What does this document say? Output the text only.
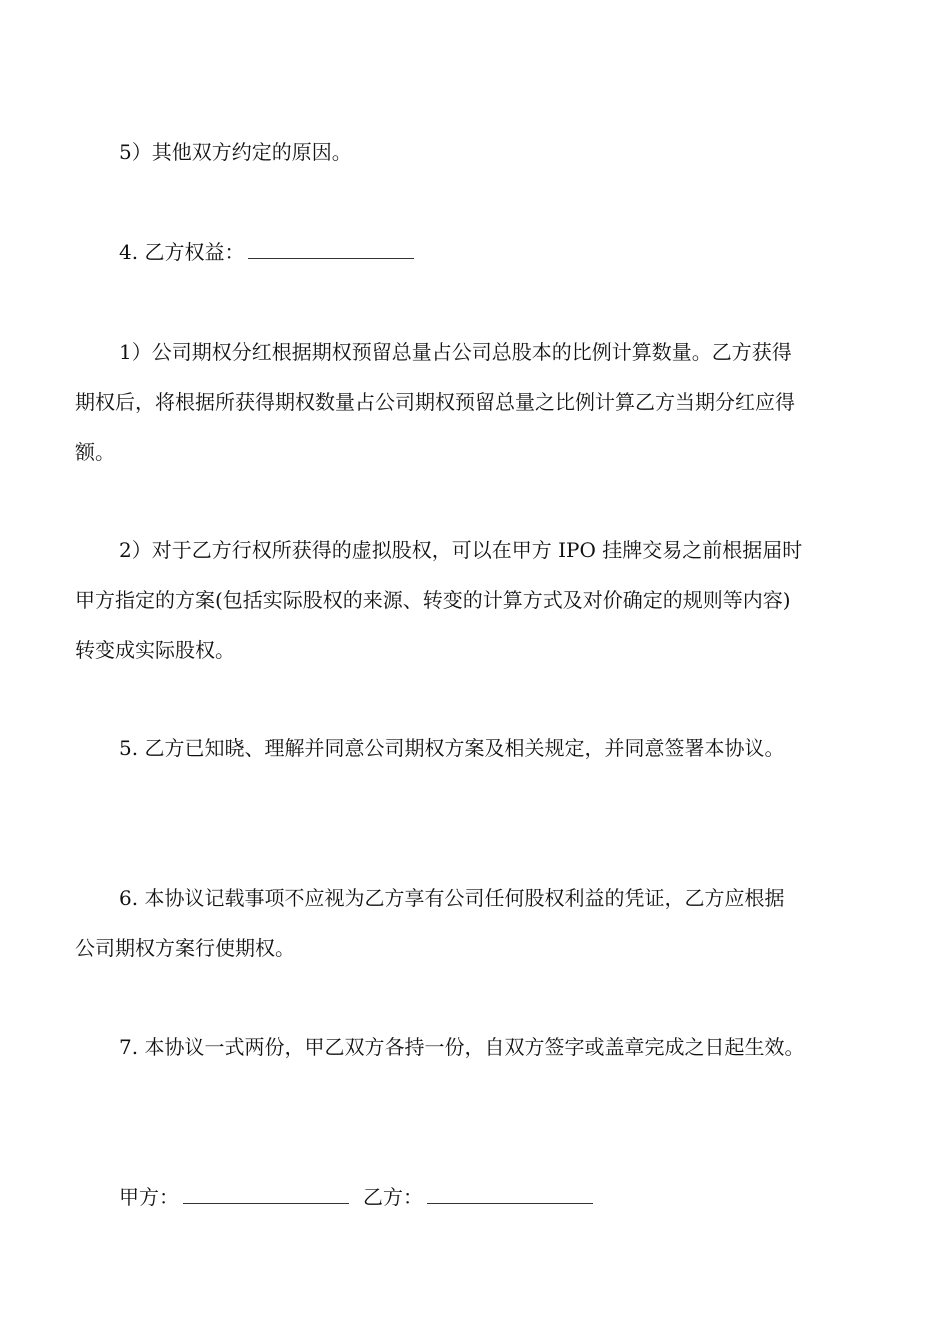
5）其他双方约定的原因。

4. 乙方权益：

1）公司期权分红根据期权预留总量占公司总股本的比例计算数量。乙方获得
期权后，将根据所获得期权数量占公司期权预留总量之比例计算乙方当期分红应得
额。

2）对于乙方行权所获得的虚拟股权，可以在甲方 IPO 挂牌交易之前根据届时
甲方指定的方案(包括实际股权的来源、转变的计算方式及对价确定的规则等内容)
转变成实际股权。

5. 乙方已知晓、理解并同意公司期权方案及相关规定，并同意签署本协议。

6. 本协议记载事项不应视为乙方享有公司任何股权利益的凭证，乙方应根据
公司期权方案行使期权。

7. 本协议一式两份，甲乙双方各持一份，自双方签字或盖章完成之日起生效。

甲方：	乙方：
